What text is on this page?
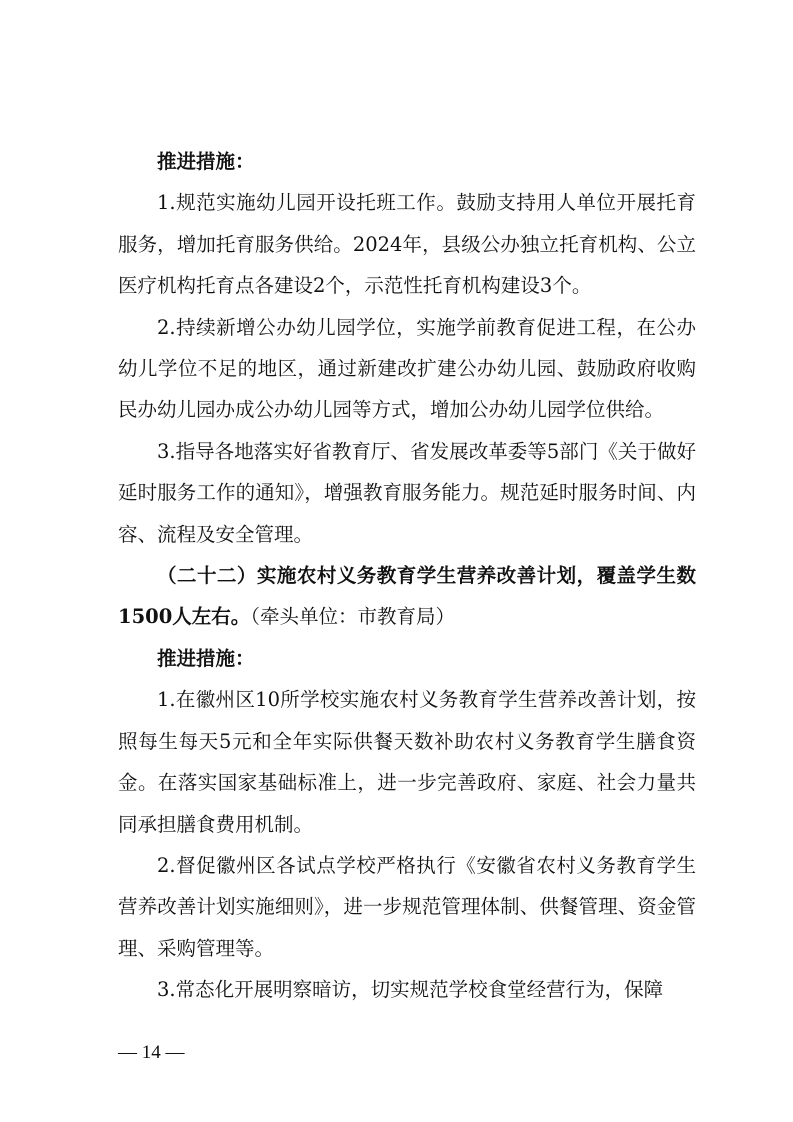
推进措施：

1.规范实施幼儿园开设托班工作。鼓励支持用人单位开展托育服务，增加托育服务供给。2024年，县级公办独立托育机构、公立医疗机构托育点各建设2个，示范性托育机构建设3个。

2.持续新增公办幼儿园学位，实施学前教育促进工程，在公办幼儿学位不足的地区，通过新建改扩建公办幼儿园、鼓励政府收购民办幼儿园办成公办幼儿园等方式，增加公办幼儿园学位供给。

3.指导各地落实好省教育厅、省发展改革委等5部门《关于做好延时服务工作的通知》，增强教育服务能力。规范延时服务时间、内容、流程及安全管理。

（二十二）实施农村义务教育学生营养改善计划，覆盖学生数1500人左右。（牵头单位：市教育局）

推进措施：

1.在徽州区10所学校实施农村义务教育学生营养改善计划，按照每生每天5元和全年实际供餐天数补助农村义务教育学生膳食资金。在落实国家基础标准上，进一步完善政府、家庭、社会力量共同承担膳食费用机制。

2.督促徽州区各试点学校严格执行《安徽省农村义务教育学生营养改善计划实施细则》，进一步规范管理体制、供餐管理、资金管理、采购管理等。

3.常态化开展明察暗访，切实规范学校食堂经营行为，保障

— 14 —
